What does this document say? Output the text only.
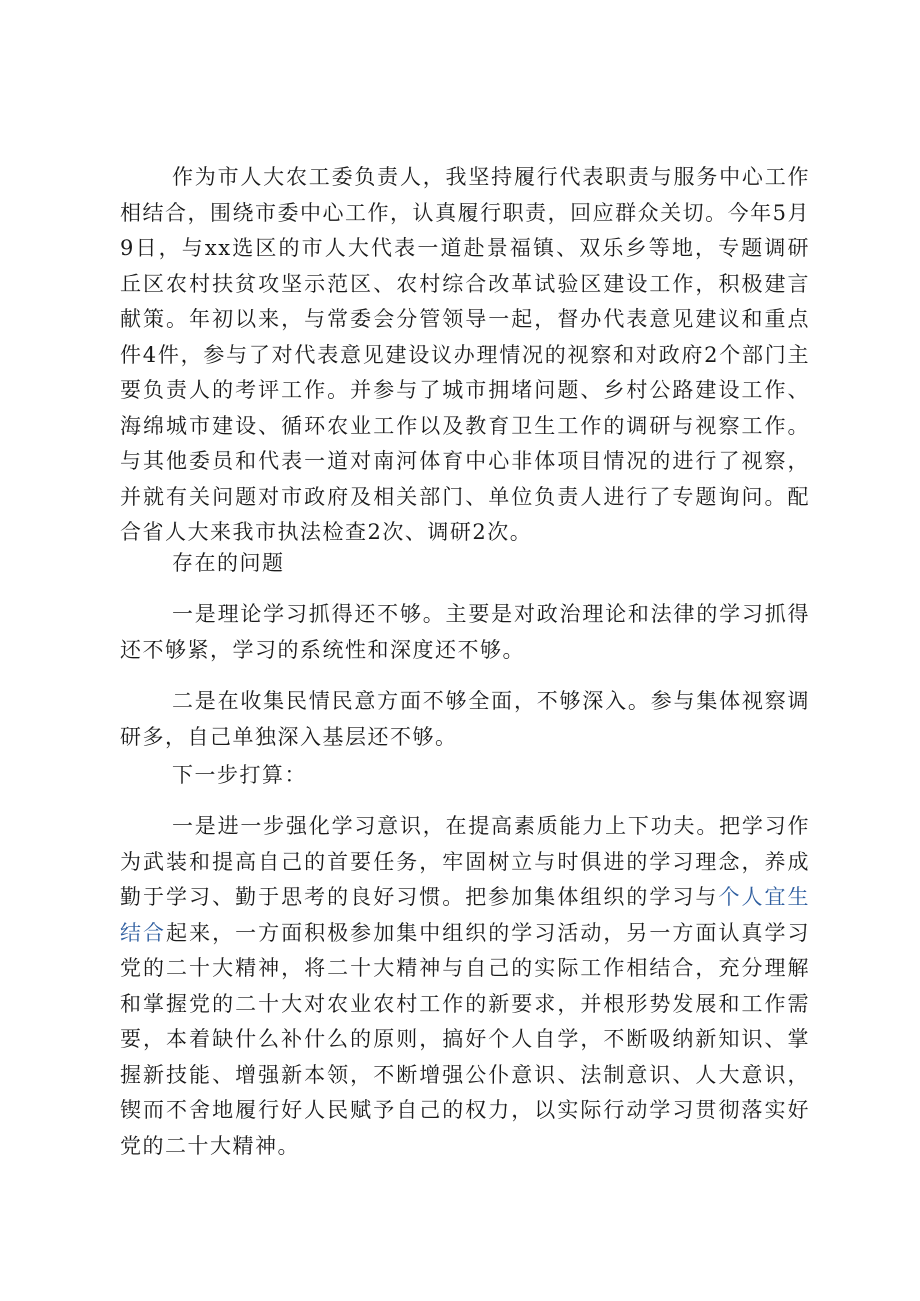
作为市人大农工委负责人，我坚持履行代表职责与服务中心工作相结合，围绕市委中心工作，认真履行职责，回应群众关切。今年5月9日，与xx选区的市人大代表一道赴景福镇、双乐乡等地，专题调研丘区农村扶贫攻坚示范区、农村综合改革试验区建设工作，积极建言献策。年初以来，与常委会分管领导一起，督办代表意见建议和重点件4件，参与了对代表意见建设议办理情况的视察和对政府2个部门主要负责人的考评工作。并参与了城市拥堵问题、乡村公路建设工作、海绵城市建设、循环农业工作以及教育卫生工作的调研与视察工作。与其他委员和代表一道对南河体育中心非体项目情况的进行了视察，并就有关问题对市政府及相关部门、单位负责人进行了专题询问。配合省人大来我市执法检查2次、调研2次。

存在的问题

一是理论学习抓得还不够。主要是对政治理论和法律的学习抓得还不够紧，学习的系统性和深度还不够。

二是在收集民情民意方面不够全面，不够深入。参与集体视察调研多，自己单独深入基层还不够。

下一步打算：

一是进一步强化学习意识，在提高素质能力上下功夫。把学习作为武装和提高自己的首要任务，牢固树立与时俱进的学习理念，养成勤于学习、勤于思考的良好习惯。把参加集体组织的学习与个人宜生结合起来，一方面积极参加集中组织的学习活动，另一方面认真学习党的二十大精神，将二十大精神与自己的实际工作相结合，充分理解和掌握党的二十大对农业农村工作的新要求，并根形势发展和工作需要，本着缺什么补什么的原则，搞好个人自学，不断吸纳新知识、掌握新技能、增强新本领，不断增强公仆意识、法制意识、人大意识，锲而不舍地履行好人民赋予自己的权力，以实际行动学习贯彻落实好党的二十大精神。
